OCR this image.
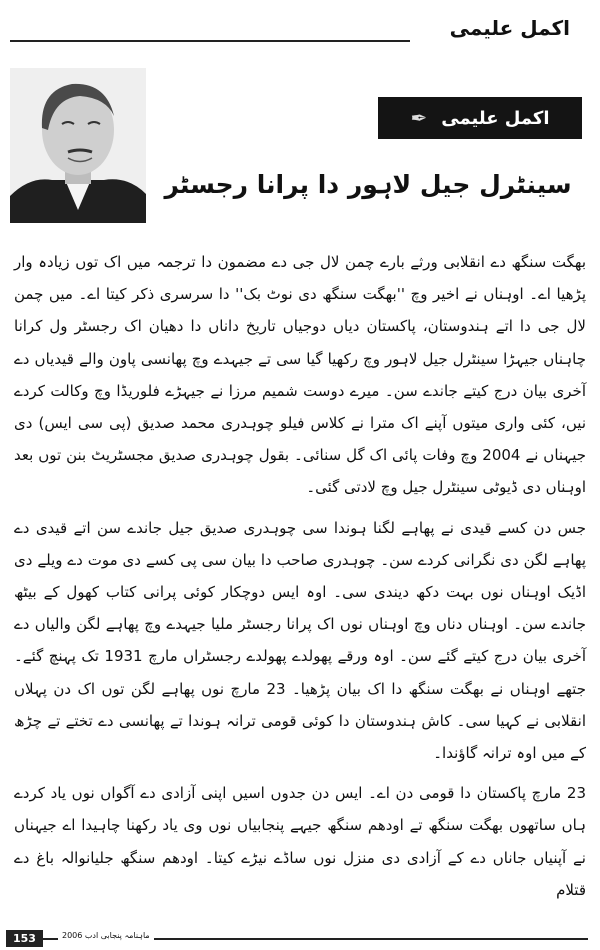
اکمل علیمی
اکمل علیمی
✒
سینٹرل جیل لاہور دا پرانا رجسٹر

بھگت سنگھ دے انقلابی ورثے بارے چمن لال جی دے مضمون دا ترجمہ میں اک توں زیادہ وار پڑھیا اے۔ اوہناں نے اخیر وچ ''بھگت سنگھ دی نوٹ بک'' دا سرسری ذکر کیتا اے۔ میں چمن لال جی دا اتے ہندوستان، پاکستان دیاں دوجیاں تاریخ داناں دا دھیان اک رجسٹر ول کرانا چاہناں جیہڑا سینٹرل جیل لاہور وچ رکھیا گیا سی تے جیہدے وچ پھانسی پاون والے قیدیاں دے آخری بیان درج کیتے جاندے سن۔ میرے دوست شمیم مرزا نے جیہڑے فلوریڈا وچ وکالت کردے نیں، کئی واری میتوں آپنے اک مترا نے کلاس فیلو چوہدری محمد صدیق (پی سی ایس) دی جیہناں نے 2004 وچ وفات پائی اک گل سنائی۔ بقول چوہدری صدیق مجسٹریٹ بنن توں بعد اوہناں دی ڈیوٹی سینٹرل جیل وچ لادتی گئی۔

جس دن کسے قیدی نے پھاہے لگنا ہوندا سی چوہدری صدیق جیل جاندے سن اتے قیدی دے پھاہے لگن دی نگرانی کردے سن۔ چوہدری صاحب دا بیان سی پی کسے دی موت دے ویلے دی اڈیک اوہناں نوں بہت دکھ دیندی سی۔ اوہ ایس دوچکار کوئی پرانی کتاب کھول کے بیٹھ جاندے سن۔ اوہناں دناں وچ اوہناں نوں اک پرانا رجسٹر ملیا جیہدے وچ پھاہے لگن والیاں دے آخری بیان درج کیتے گئے سن۔ اوہ ورقے پھولدے پھولدے رجسٹراں مارچ 1931 تک پہنچ گئے۔ جتھے اوہناں نے بھگت سنگھ دا اک بیان پڑھیا۔ 23 مارچ نوں پھاہے لگن توں اک دن پہلاں انقلابی نے کہیا سی۔ کاش ہندوستان دا کوئی قومی ترانہ ہوندا تے پھانسی دے تختے تے چڑھ کے میں اوہ ترانہ گاؤندا۔

23 مارچ پاکستان دا قومی دن اے۔ ایس دن جدوں اسیں اپنی آزادی دے آگواں نوں یاد کردے ہاں ساتھوں بھگت سنگھ تے اودھم سنگھ جیہے پنجابیاں نوں وی یاد رکھنا چاہیدا اے جیہناں نے آپنیاں جاناں دے کے آزادی دی منزل نوں ساڈے نیڑے کیتا۔ اودھم سنگھ جلیانوالہ باغ دے قتلام

ماہنامہ پنجابی ادب 2006
153
